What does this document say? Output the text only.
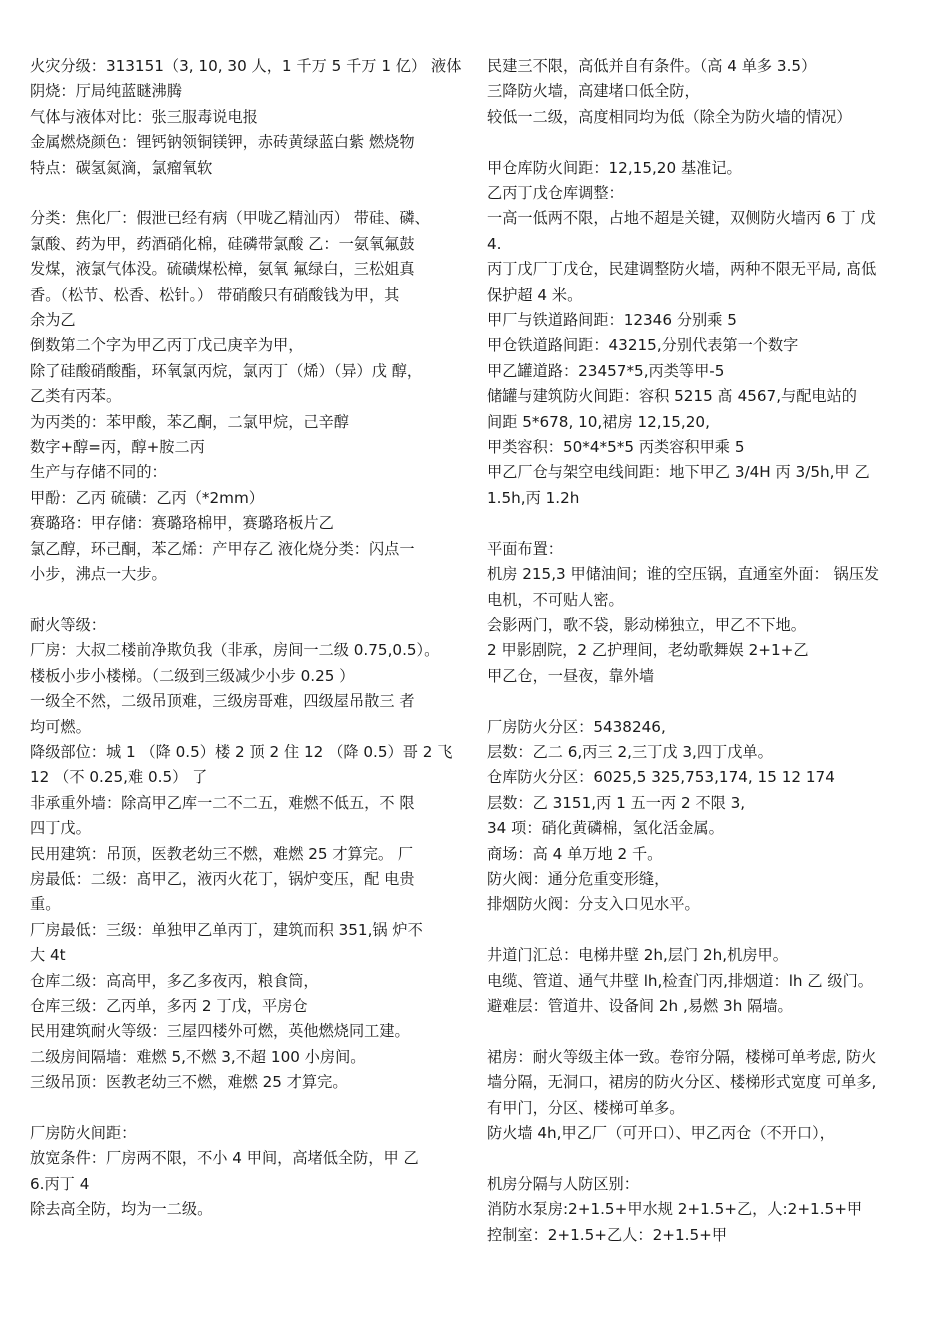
火灾分级：313151（3, 10, 30 人，1 千万 5 千万 1 亿） 液体

阴烧：厅局纯蓝瞇沸腾

气体与液体对比：张三服毒说电报

金属燃烧颜色：锂钙钠领铜镁钾，赤砖黄绿蓝白紫 燃烧物

特点：碳氢氮滴，氯瘤氧软

分类：焦化厂：假泄已经有病（甲咙乙精汕丙） 带硅、磷、

氯酸、药为甲，药酒硝化棉，硅磷带氯酸 乙：一氨氧氟鼓

发煤，液氯气体没。硫磺煤松樟，氨氧 氟绿白，三松姐真

香。（松节、松香、松针。） 带硝酸只有硝酸钱为甲，其

余为乙

倒数第二个字为甲乙丙丁戊己庚辛为甲，

除了硅酸硝酸酯，环氧氯丙烷，氯丙丁（烯）（异）戊 醇，

乙类有丙苯。

为丙类的：苯甲酸，苯乙酮，二氯甲烷，己辛醇

数字+醇=丙，醇+胺二丙

生产与存储不同的：

甲酚：乙丙 硫磺：乙丙（*2mm）

赛璐珞：甲存储：赛璐珞棉甲，赛璐珞板片乙

氯乙醇，环己酮，苯乙烯：产甲存乙 液化烧分类：闪点一

小步，沸点一大步。

耐火等级：

厂房：大叔二楼前净欺负我（非承，房间一二级 0.75,0.5）。

楼板小步小楼梯。（二级到三级减少小步 0.25 ）

一级全不然，二级吊顶难，三级房哥难，四级屋吊散三 者

均可燃。

降级部位：城 1 （降 0.5）楼 2 顶 2 住 12 （降 0.5）哥 2 飞

12 （不 0.25,难 0.5） 了

非承重外墙：除高甲乙库一二不二五，难燃不低五，不 限

四丁戊。

民用建筑：吊顶，医教老幼三不燃，难燃 25 才算完。 厂

房最低：二级：髙甲乙，液丙火花丁，锅炉变压，配 电贵

重。

厂房最低：三级：单独甲乙单丙丁，建筑而积 351,锅 炉不

大 4t

仓库二级：高高甲，多乙多夜丙，粮食筒，

仓库三级：乙丙单，多丙 2 丁戊，平房仓

民用建筑耐火等级：三屋四楼外可燃，英他燃烧同工建。

二级房间隔墙：难燃 5,不燃 3,不超 100 小房间。

三级吊顶：医教老幼三不燃，难燃 25 才算完。

厂房防火间距：

放宽条件：厂房两不限，不小 4 甲间，高堵低全防，甲 乙

6.丙丁 4

除去高全防，均为一二级。

民建三不限，高低并自有条件。（高 4 单多 3.5）

三降防火墙，高建堵口低全防，

较低一二级，高度相同均为低（除全为防火墙的情况）

甲仓库防火间距：12,15,20 基准记。

乙丙丁戊仓库调整：

一高一低两不限，占地不超是关键，双侧防火墙丙 6 丁 戊

4.

丙丁戊厂丁戊仓，民建调整防火墙，两种不限无平局, 髙低

保护超 4 米。

甲厂与铁道路间距：12346 分别乘 5

甲仓铁道路间距：43215,分别代表第一个数字

甲乙罐道路：23457*5,丙类等甲-5

储罐与建筑防火间距：容积 5215 髙 4567,与配电站的

间距 5*678, 10,裙房 12,15,20,

甲类容积：50*4*5*5 丙类容积甲乘 5

甲乙厂仓与架空电线间距：地下甲乙 3/4H 丙 3/5h,甲 乙

1.5h,丙 1.2h

平面布置：

机房 215,3 甲储油间；谁的空压锅，直通室外面： 锅压发

电机，不可贴人密。

会影两门，歌不袋，影动梯独立，甲乙不下地。

2 甲影剧院，2 乙护理间，老幼歌舞娱 2+1+乙

甲乙仓，一昼夜，靠外墙

厂房防火分区：5438246,

层数：乙二 6,丙三 2,三丁戊 3,四丁戊单。

仓库防火分区：6025,5 325,753,174, 15 12 174

层数：乙 3151,丙 1 五一丙 2 不限 3,

34 项：硝化黄磷棉，氢化活金属。

商场：高 4 单万地 2 千。

防火阀：通分危重变形缝，

排烟防火阀：分支入口见水平。

井道门汇总：电梯井壁 2h,层门 2h,机房甲。

电缆、管道、通气井壁 lh,检査门丙,排烟道：lh 乙 级门。

避难层：管道井、设备间 2h ,易燃 3h 隔墙。

裙房：耐火等级主体一致。卷帘分隔，楼梯可单考虑, 防火

墙分隔，无洞口，裙房的防火分区、楼梯形式宽度 可单多,

有甲门，分区、楼梯可单多。

防火墙 4h,甲乙厂（可开口）、甲乙丙仓（不开口），

机房分隔与人防区别：

消防水泵房:2+1.5+甲水规 2+1.5+乙，人:2+1.5+甲

控制室：2+1.5+乙人：2+1.5+甲
